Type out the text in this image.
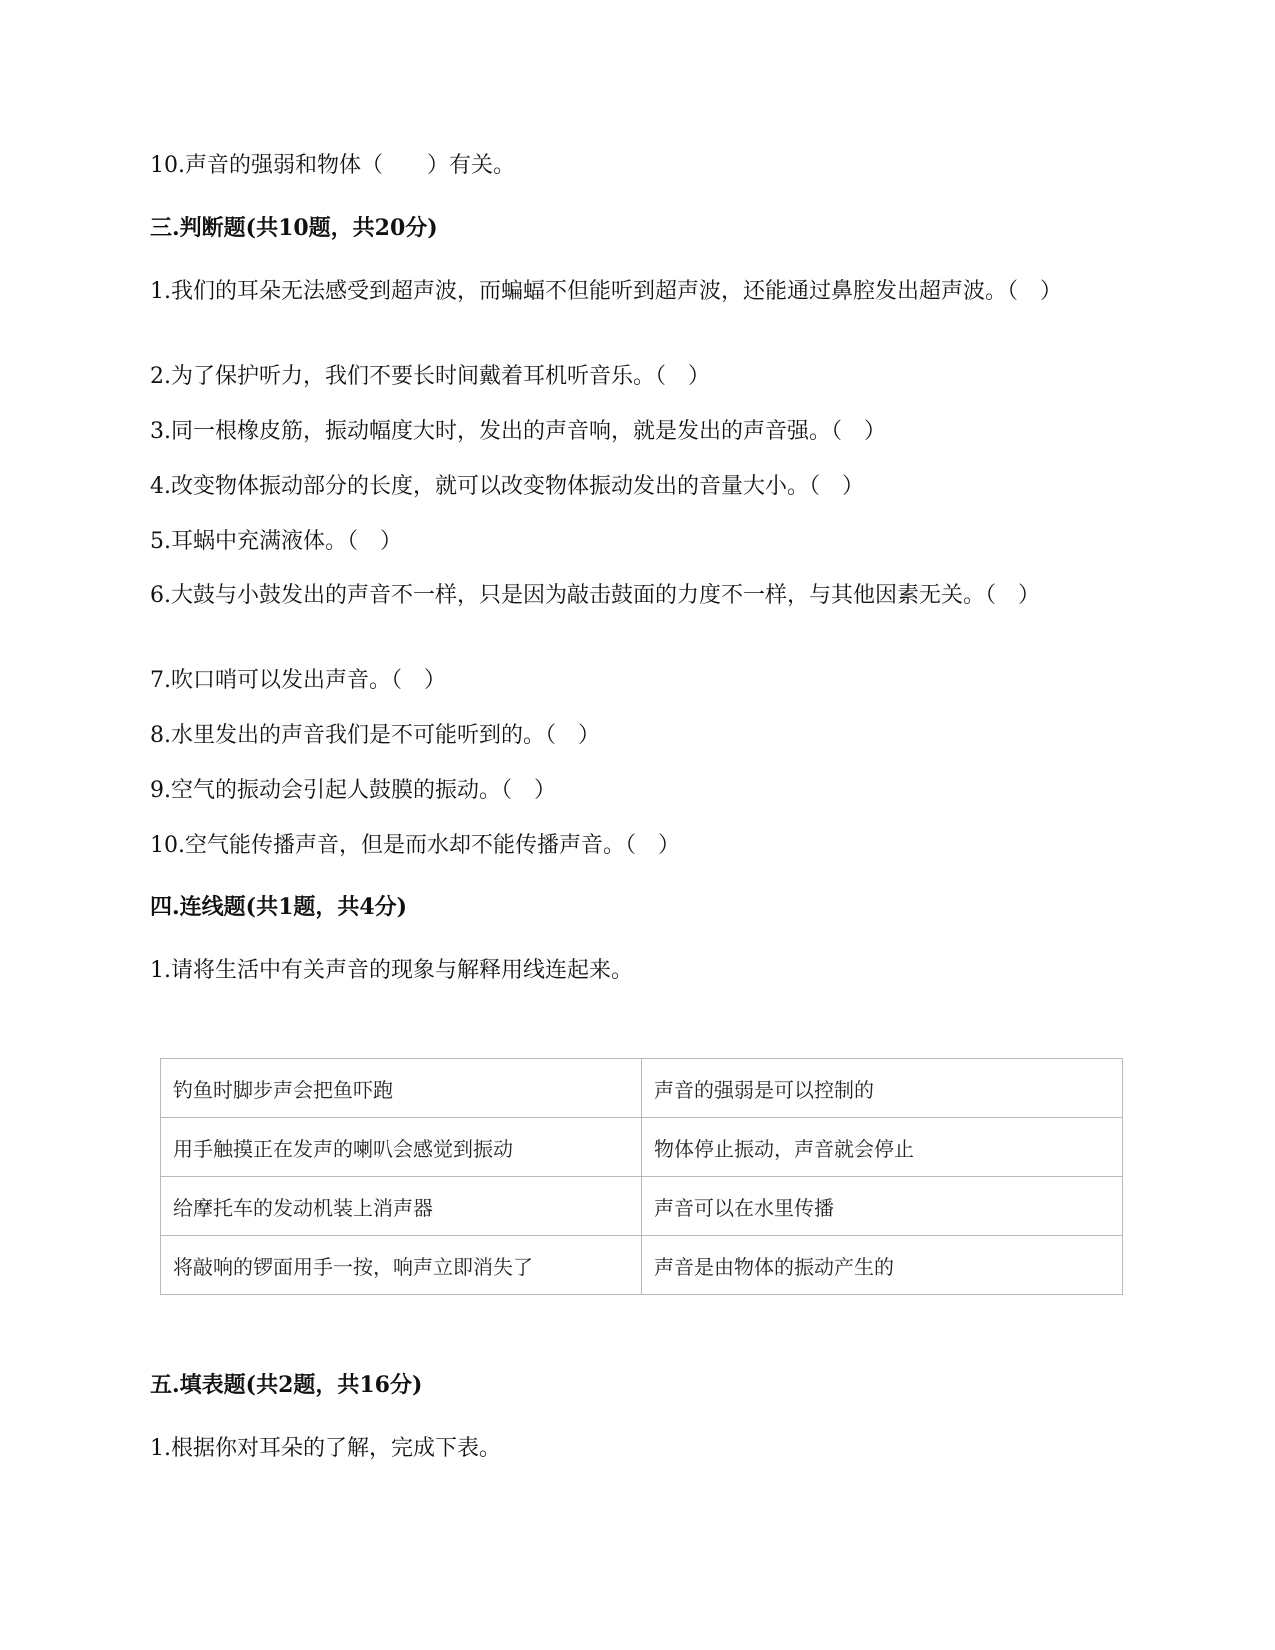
10.声音的强弱和物体（　　）有关。
三.判断题(共10题，共20分)
1.我们的耳朵无法感受到超声波，而蝙蝠不但能听到超声波，还能通过鼻腔发出超声波。（　）
2.为了保护听力，我们不要长时间戴着耳机听音乐。（　）
3.同一根橡皮筋，振动幅度大时，发出的声音响，就是发出的声音强。（　）
4.改变物体振动部分的长度，就可以改变物体振动发出的音量大小。（　）
5.耳蜗中充满液体。（　）
6.大鼓与小鼓发出的声音不一样，只是因为敲击鼓面的力度不一样，与其他因素无关。（　）
7.吹口哨可以发出声音。（　）
8.水里发出的声音我们是不可能听到的。（　）
9.空气的振动会引起人鼓膜的振动。（　）
10.空气能传播声音，但是而水却不能传播声音。（　）
四.连线题(共1题，共4分)
1.请将生活中有关声音的现象与解释用线连起来。
钓鱼时脚步声会把鱼吓跑	声音的强弱是可以控制的
用手触摸正在发声的喇叭会感觉到振动	物体停止振动，声音就会停止
给摩托车的发动机装上消声器	声音可以在水里传播
将敲响的锣面用手一按，响声立即消失了	声音是由物体的振动产生的
五.填表题(共2题，共16分)
1.根据你对耳朵的了解，完成下表。
